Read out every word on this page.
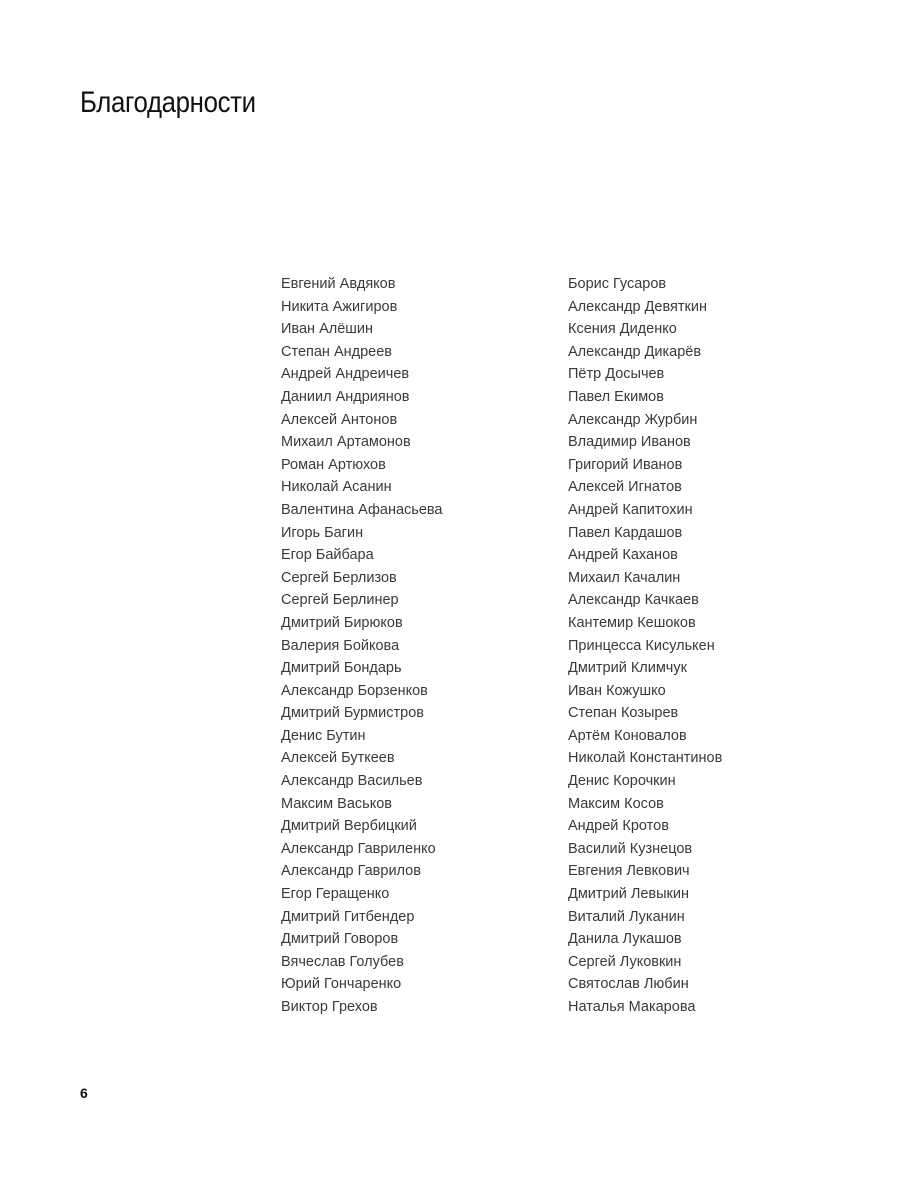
Благодарности
Евгений Авдяков
Никита Ажигиров
Иван Алёшин
Степан Андреев
Андрей Андреичев
Даниил Андриянов
Алексей Антонов
Михаил Артамонов
Роман Артюхов
Николай Асанин
Валентина Афанасьева
Игорь Багин
Егор Байбара
Сергей Берлизов
Сергей Берлинер
Дмитрий Бирюков
Валерия Бойкова
Дмитрий Бондарь
Александр Борзенков
Дмитрий Бурмистров
Денис Бутин
Алексей Буткеев
Александр Васильев
Максим Васьков
Дмитрий Вербицкий
Александр Гавриленко
Александр Гаврилов
Егор Геращенко
Дмитрий Гитбендер
Дмитрий Говоров
Вячеслав Голубев
Юрий Гончаренко
Виктор Грехов
Борис Гусаров
Александр Девяткин
Ксения Диденко
Александр Дикарёв
Пётр Досычев
Павел Екимов
Александр Журбин
Владимир Иванов
Григорий Иванов
Алексей Игнатов
Андрей Капитохин
Павел Кардашов
Андрей Каханов
Михаил Качалин
Александр Качкаев
Кантемир Кешоков
Принцесса Кисулькен
Дмитрий Климчук
Иван Кожушко
Степан Козырев
Артём Коновалов
Николай Константинов
Денис Корочкин
Максим Косов
Андрей Кротов
Василий Кузнецов
Евгения Левкович
Дмитрий Левыкин
Виталий Луканин
Данила Лукашов
Сергей Луковкин
Святослав Любин
Наталья Макарова
6
